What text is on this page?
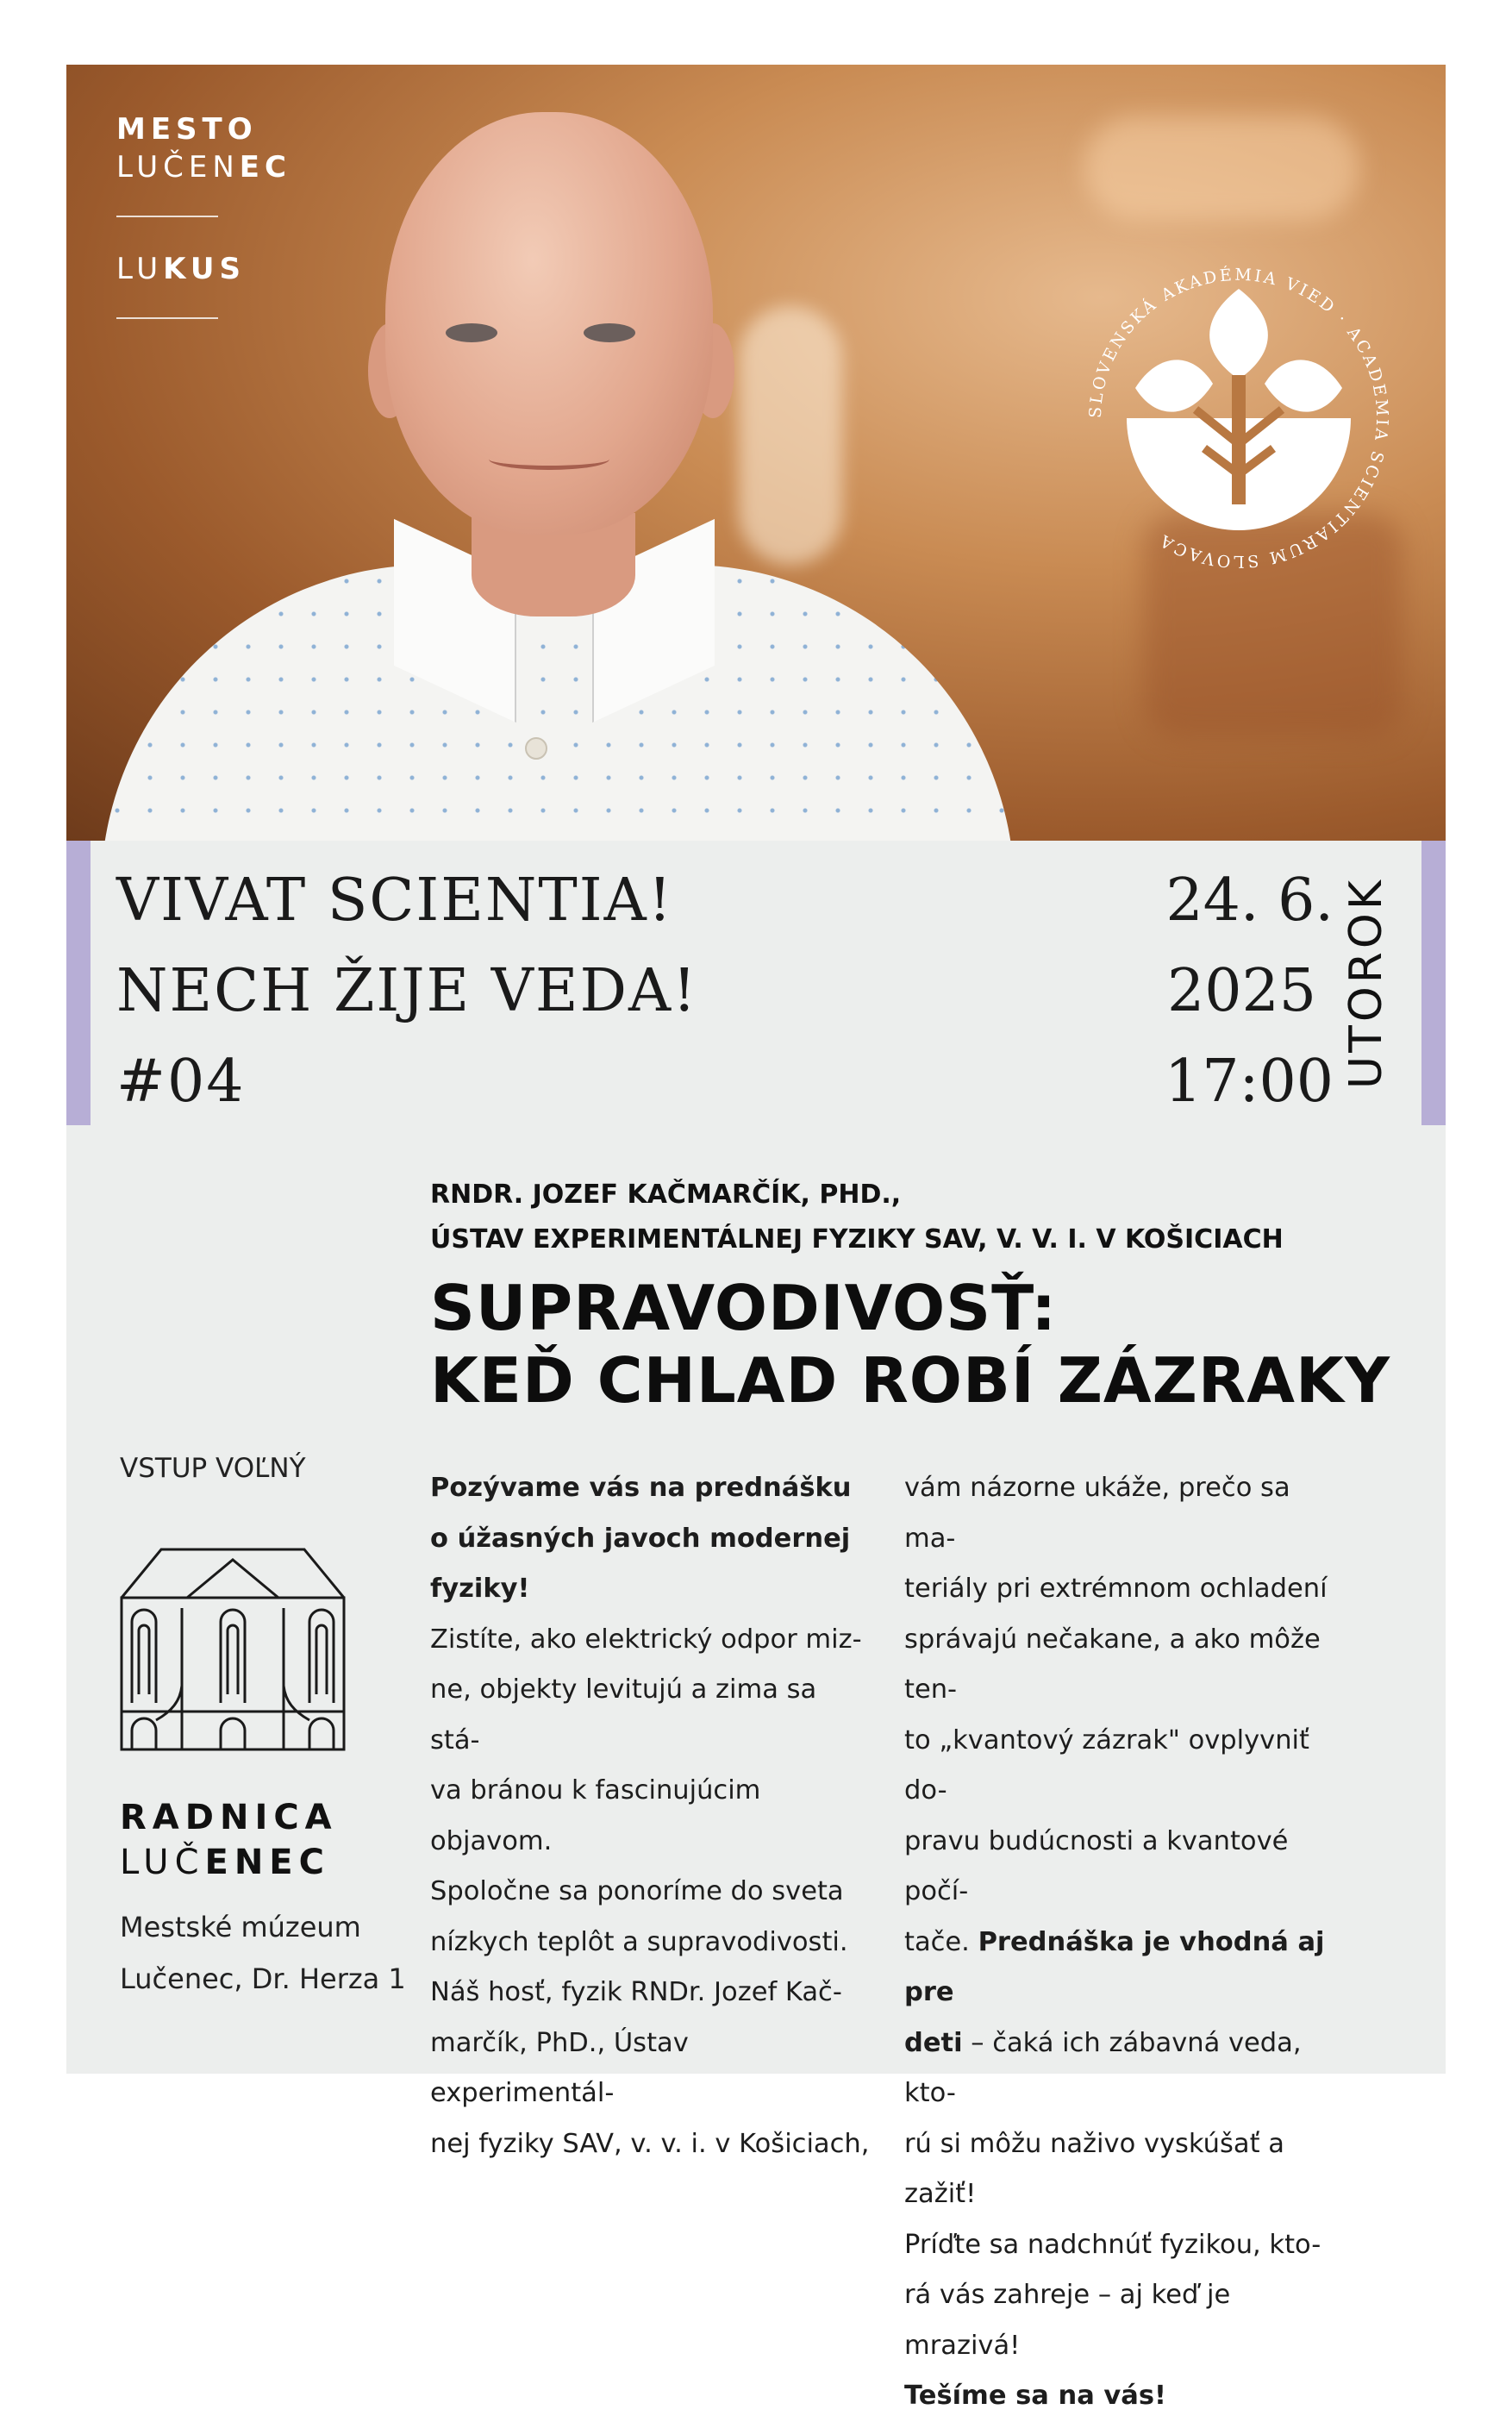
MESTO
LUČENEC
LUKUS
SLOVENSKÁ AKADÉMIA VIED · ACADEMIA SCIENTIARUM SLOVACA
VIVAT SCIENTIA!
NECH ŽIJE VEDA!
#04
24. 6.
2025
17:00 UTOROK
RNDR. JOZEF KAČMARČÍK, PHD.,
ÚSTAV EXPERIMENTÁLNEJ FYZIKY SAV, V. V. I. V KOŠICIACH
SUPRAVODIVOSŤ:
KEĎ CHLAD ROBÍ ZÁZRAKY
VSTUP VOĽNÝ
RADNICA
LUČENEC
Mestské múzeum
Lučenec, Dr. Herza 1

Pozývame vás na prednášku

o úžasných javoch modernej

fyziky!

Zistíte, ako elektrický odpor miz-

ne, objekty levitujú a zima sa stá-

va bránou k fascinujúcim objavom.

Spoločne sa ponoríme do sveta

nízkych teplôt a supravodivosti.

Náš hosť, fyzik RNDr. Jozef Kač-

marčík, PhD., Ústav experimentál-

nej fyziky SAV, v. v. i. v Košiciach,

vám názorne ukáže, prečo sa ma-

teriály pri extrémnom ochladení

správajú nečakane, a ako môže ten-

to „kvantový zázrak" ovplyvniť do-

pravu budúcnosti a kvantové počí-

tače. Prednáška je vhodná aj pre

deti – čaká ich zábavná veda, kto-

rú si môžu naživo vyskúšať a zažiť!

Príďte sa nadchnúť fyzikou, kto-

rá vás zahreje – aj keď je mrazivá!

Tešíme sa na vás!
